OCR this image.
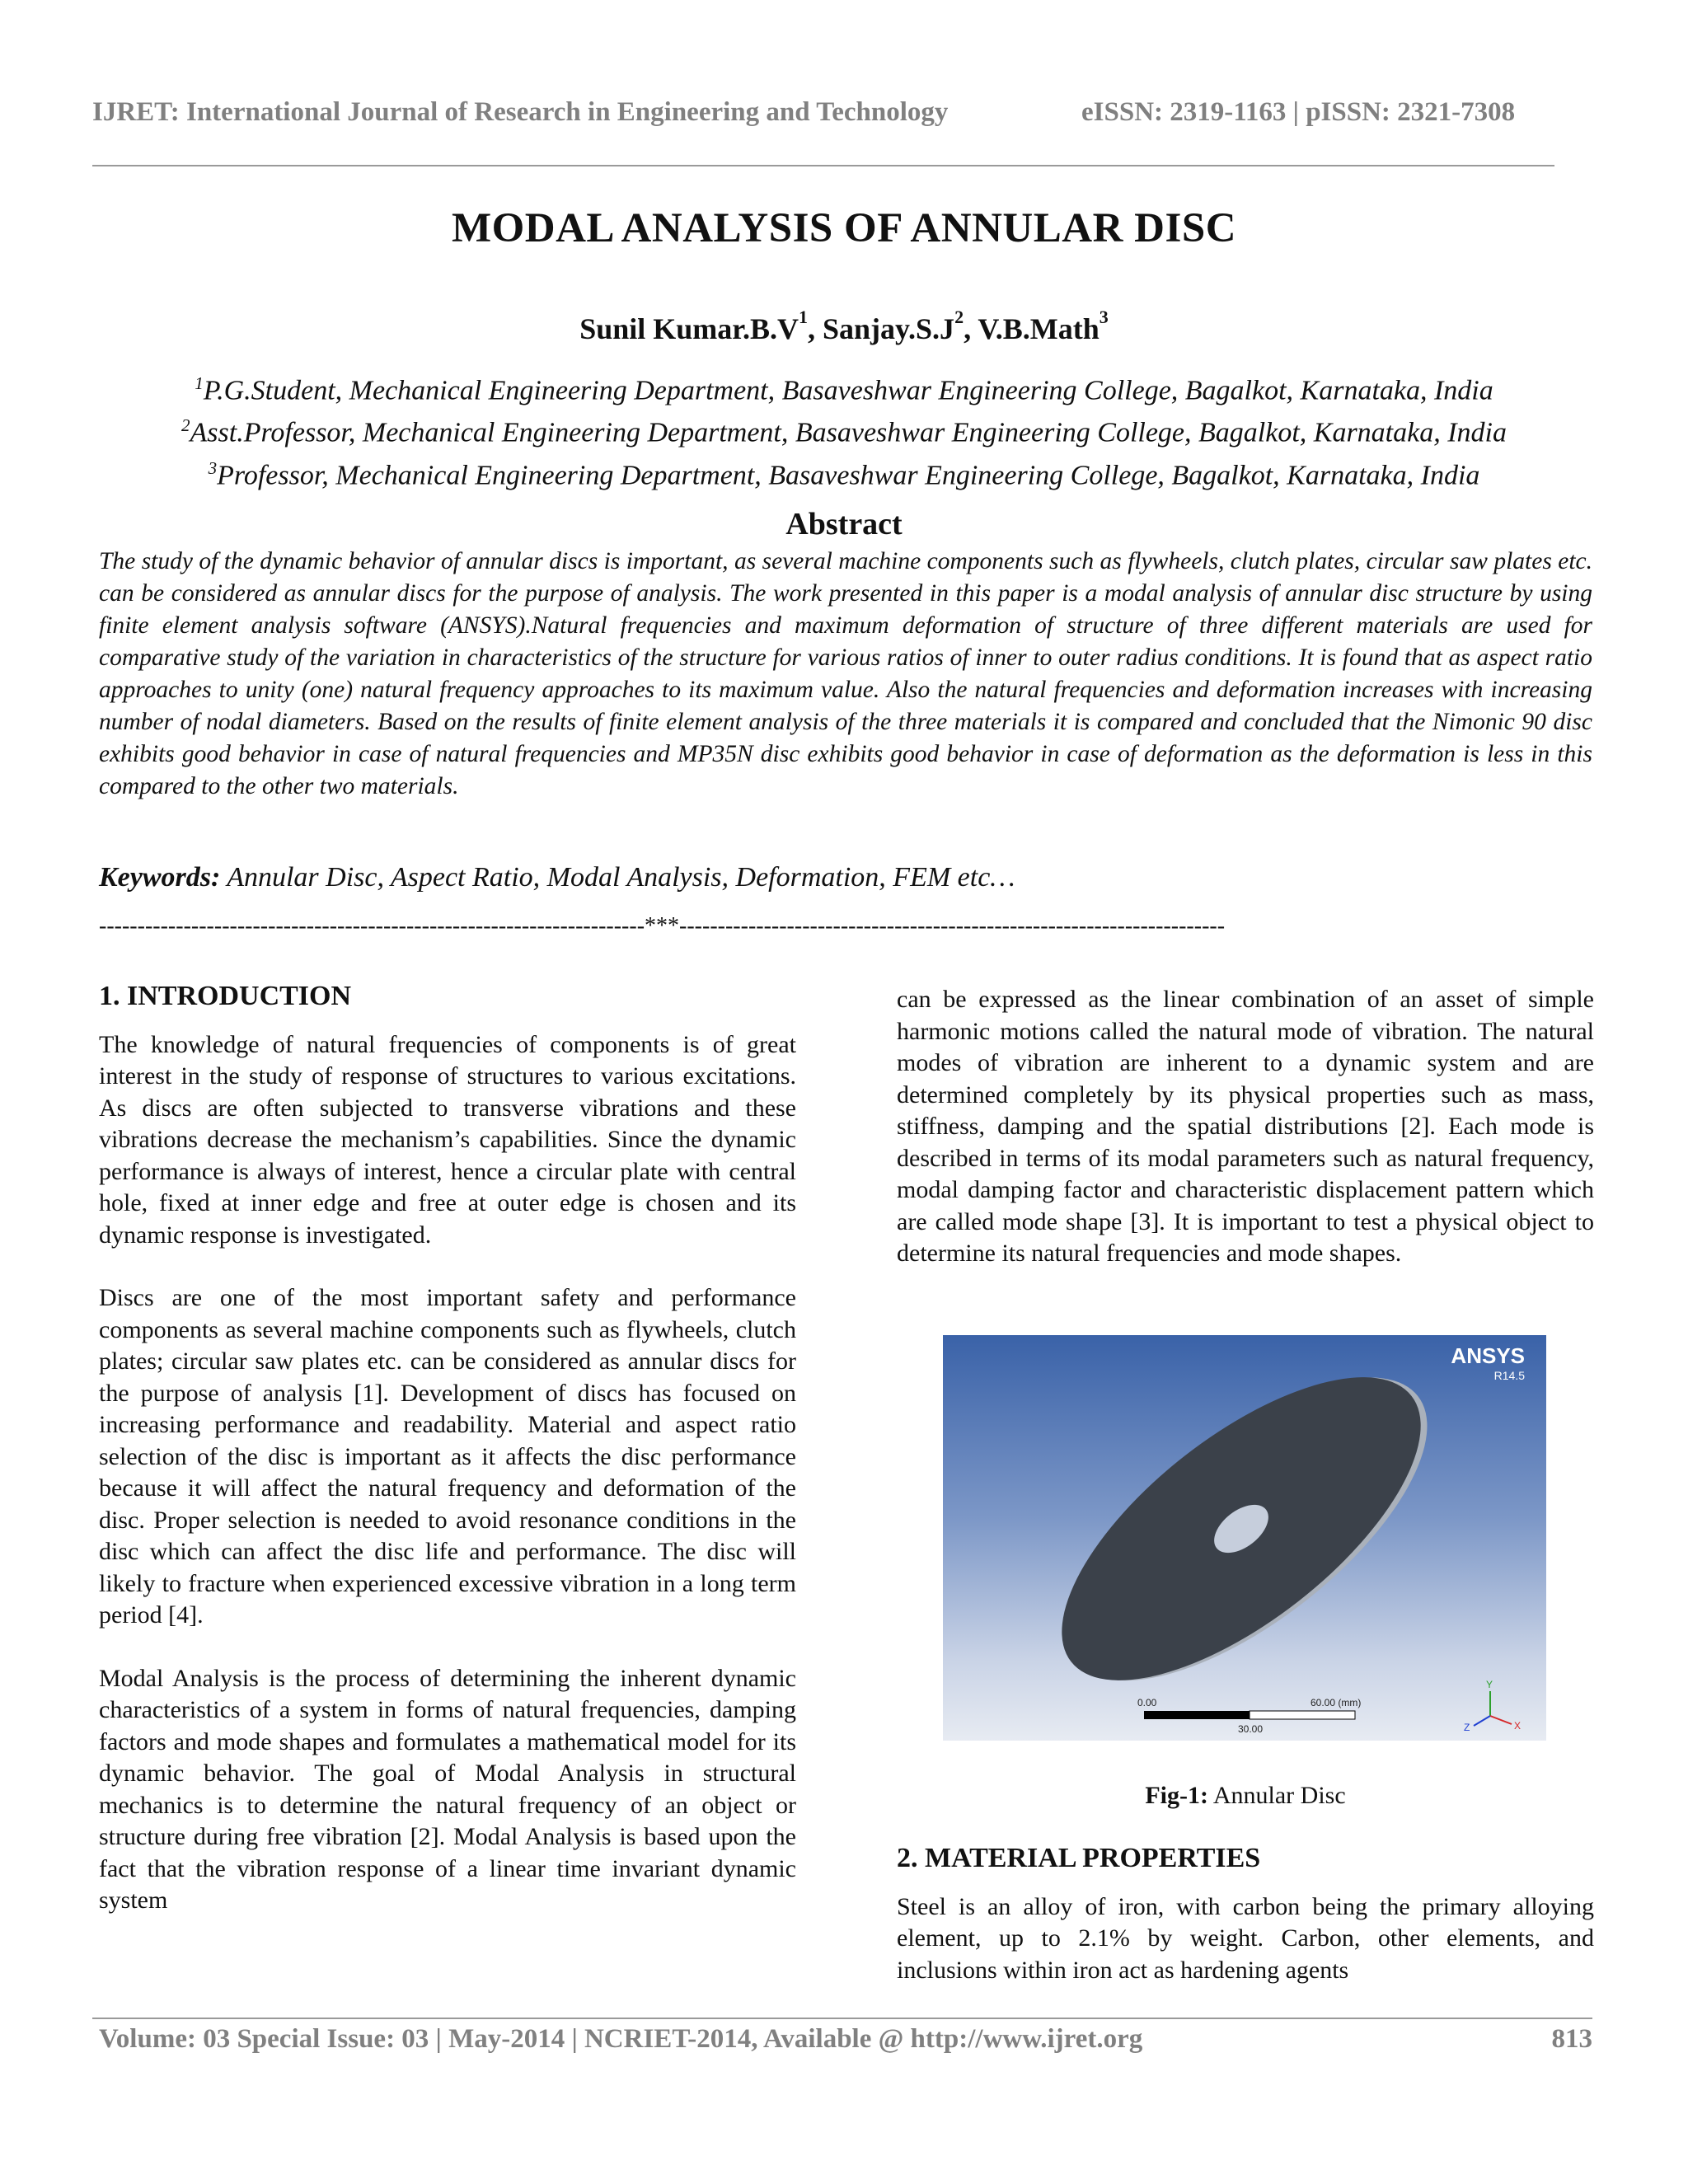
IJRET: International Journal of Research in Engineering and Technology	eISSN: 2319-1163 | pISSN: 2321-7308
MODAL ANALYSIS OF ANNULAR DISC
Sunil $Kumar.B.V^1$, $Sanjay.S.J^2$, V.B.Math$^3$
$^1$P.G.Student, Mechanical Engineering Department, Basaveshwar Engineering College, Bagalkot, Karnataka, India
$^2$Asst.Professor, Mechanical Engineering Department, Basaveshwar Engineering College, Bagalkot, Karnataka, India
$^3$Professor, Mechanical Engineering Department, Basaveshwar Engineering College, Bagalkot, Karnataka, India
Abstract
The study of the dynamic behavior of annular discs is important, as several machine components such as flywheels, clutch plates, circular saw plates etc. can be considered as annular discs for the purpose of analysis. The work presented in this paper is a modal analysis of annular disc structure by using finite element analysis software (ANSYS).Natural frequencies and maximum deformation of structure of three different materials are used for comparative study of the variation in characteristics of the structure for various ratios of inner to outer radius conditions. It is found that as aspect ratio approaches to unity (one) natural frequency approaches to its maximum value. Also the natural frequencies and deformation increases with increasing number of nodal diameters. Based on the results of finite element analysis of the three materials it is compared and concluded that the Nimonic 90 disc exhibits good behavior in case of natural frequencies and MP35N disc exhibits good behavior in case of deformation as the deformation is less in this compared to the other two materials.
Keywords: Annular Disc, Aspect Ratio, Modal Analysis, Deformation, FEM etc…
-----------------------------------------------------------------------***-----------------------------------------------------------------------
1. INTRODUCTION

The knowledge of natural frequencies of components is of great interest in the study of response of structures to various excitations. As discs are often subjected to transverse vibrations and these vibrations decrease the mechanism’s capabilities. Since the dynamic performance is always of interest, hence a circular plate with central hole, fixed at inner edge and free at outer edge is chosen and its dynamic response is investigated.

Discs are one of the most important safety and performance components as several machine components such as flywheels, clutch plates; circular saw plates etc. can be considered as annular discs for the purpose of analysis [1]. Development of discs has focused on increasing performance and readability. Material and aspect ratio selection of the disc is important as it affects the disc performance because it will affect the natural frequency and deformation of the disc. Proper selection is needed to avoid resonance conditions in the disc which can affect the disc life and performance. The disc will likely to fracture when experienced excessive vibration in a long term period [4].

Modal Analysis is the process of determining the inherent dynamic characteristics of a system in forms of natural frequencies, damping factors and mode shapes and formulates a mathematical model for its dynamic behavior. The goal of Modal Analysis in structural mechanics is to determine the natural frequency of an object or structure during free vibration [2]. Modal Analysis is based upon the fact that the vibration response of a linear time invariant dynamic system

can be expressed as the linear combination of an asset of simple harmonic motions called the natural mode of vibration. The natural modes of vibration are inherent to a dynamic system and are determined completely by its physical properties such as mass, stiffness, damping and the spatial distributions [2]. Each mode is described in terms of its modal parameters such as natural frequency, modal damping factor and characteristic displacement pattern which are called mode shape [3]. It is important to test a physical object to determine its natural frequencies and mode shapes.

ANSYS
R14.5
0.00	60.00 (mm)
30.00
Y
X
Z
Fig-1: Annular Disc
2. MATERIAL PROPERTIES

Steel is an alloy of iron, with carbon being the primary alloying element, up to 2.1% by weight. Carbon, other elements, and inclusions within iron act as hardening agents

Volume: 03 Special Issue: 03 | May-2014 | NCRIET-2014, Available @ http://www.ijret.org	813
